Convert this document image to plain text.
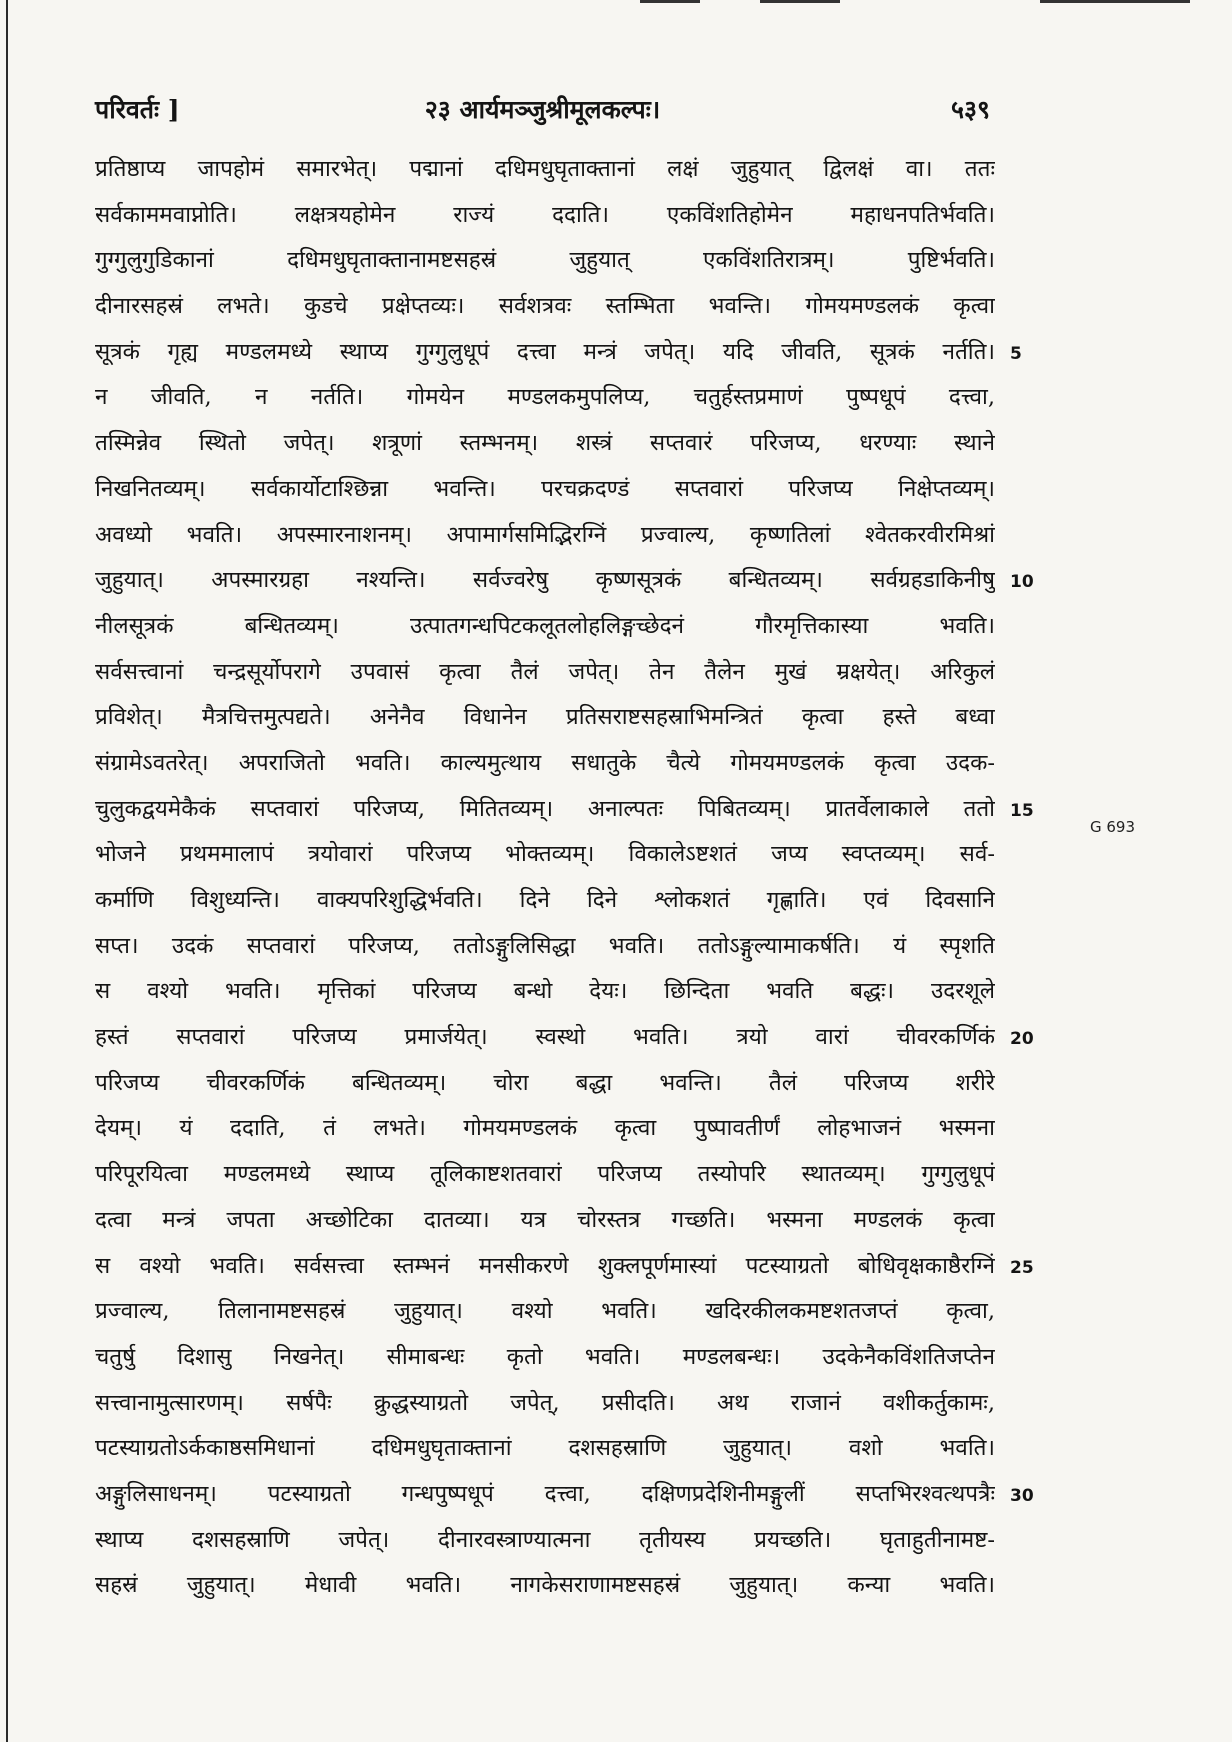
परिवर्तः ]	२३ आर्यमञ्जुश्रीमूलकल्पः।	५३९
प्रतिष्ठाप्य जापहोमं समारभेत्। पद्मानां दधिमधुघृताक्तानां लक्षं जुहुयात् द्विलक्षं वा। ततः
सर्वकाममवाप्नोति। लक्षत्रयहोमेन राज्यं ददाति। एकविंशतिहोमेन महाधनपतिर्भवति।
गुग्गुलुगुडिकानां दधिमधुघृताक्तानामष्टसहस्रं जुहुयात् एकविंशतिरात्रम्। पुष्टिर्भवति।
दीनारसहस्रं लभते। कुडचे प्रक्षेप्तव्यः। सर्वशत्रवः स्तम्भिता भवन्ति। गोमयमण्डलकं कृत्वा
सूत्रकं गृह्य मण्डलमध्ये स्थाप्य गुग्गुलुधूपं दत्त्वा मन्त्रं जपेत्। यदि जीवति, सूत्रकं नर्तति।
न जीवति, न नर्तति। गोमयेन मण्डलकमुपलिप्य, चतुर्हस्तप्रमाणं पुष्पधूपं दत्त्वा,
तस्मिन्नेव स्थितो जपेत्। शत्रूणां स्तम्भनम्। शस्त्रं सप्तवारं परिजप्य, धरण्याः स्थाने
निखनितव्यम्। सर्वकार्योटाश्छिन्ना भवन्ति। परचक्रदण्डं सप्तवारां परिजप्य निक्षेप्तव्यम्।
अवध्यो भवति। अपस्मारनाशनम्। अपामार्गसमिद्भिरग्निं प्रज्वाल्य, कृष्णतिलां श्वेतकरवीरमिश्रां
जुहुयात्। अपस्मारग्रहा नश्यन्ति। सर्वज्वरेषु कृष्णसूत्रकं बन्धितव्यम्। सर्वग्रहडाकिनीषु
नीलसूत्रकं बन्धितव्यम्। उत्पातगन्धपिटकलूतलोहलिङ्गच्छेदनं गौरमृत्तिकास्या भवति।
सर्वसत्त्वानां चन्द्रसूर्योपरागे उपवासं कृत्वा तैलं जपेत्। तेन तैलेन मुखं म्रक्षयेत्। अरिकुलं
प्रविशेत्। मैत्रचित्तमुत्पद्यते। अनेनैव विधानेन प्रतिसराष्टसहस्राभिमन्त्रितं कृत्वा हस्ते बध्वा
संग्रामेऽवतरेत्। अपराजितो भवति। काल्यमुत्थाय सधातुके चैत्ये गोमयमण्डलकं कृत्वा उदक-
चुलुकद्वयमेकैकं सप्तवारां परिजप्य, मितितव्यम्। अनाल्पतः पिबितव्यम्। प्रातर्वेलाकाले ततो
भोजने प्रथममालापं त्रयोवारां परिजप्य भोक्तव्यम्। विकालेऽष्टशतं जप्य स्वप्तव्यम्। सर्व-
कर्माणि विशुध्यन्ति। वाक्यपरिशुद्धिर्भवति। दिने दिने श्लोकशतं गृह्णाति। एवं दिवसानि
सप्त। उदकं सप्तवारां परिजप्य, ततोऽङ्गुलिसिद्धा भवति। ततोऽङ्गुल्यामाकर्षति। यं स्पृशति
स वश्यो भवति। मृत्तिकां परिजप्य बन्धो देयः। छिन्दिता भवति बद्धः। उदरशूले
हस्तं सप्तवारां परिजप्य प्रमार्जयेत्। स्वस्थो भवति। त्रयो वारां चीवरकर्णिकं
परिजप्य चीवरकर्णिकं बन्धितव्यम्। चोरा बद्धा भवन्ति। तैलं परिजप्य शरीरे
देयम्। यं ददाति, तं लभते। गोमयमण्डलकं कृत्वा पुष्पावतीर्णं लोहभाजनं भस्मना
परिपूरयित्वा मण्डलमध्ये स्थाप्य तूलिकाष्टशतवारां परिजप्य तस्योपरि स्थातव्यम्। गुग्गुलुधूपं
दत्वा मन्त्रं जपता अच्छोटिका दातव्या। यत्र चोरस्तत्र गच्छति। भस्मना मण्डलकं कृत्वा
स वश्यो भवति। सर्वसत्त्वा स्तम्भनं मनसीकरणे शुक्लपूर्णमास्यां पटस्याग्रतो बोधिवृक्षकाष्ठैरग्निं
प्रज्वाल्य, तिलानामष्टसहस्रं जुहुयात्। वश्यो भवति। खदिरकीलकमष्टशतजप्तं कृत्वा,
चतुर्षु दिशासु निखनेत्। सीमाबन्धः कृतो भवति। मण्डलबन्धः। उदकेनैकविंशतिजप्तेन
सत्त्वानामुत्सारणम्। सर्षपैः क्रुद्धस्याग्रतो जपेत्, प्रसीदति। अथ राजानं वशीकर्तुकामः,
पटस्याग्रतोऽर्ककाष्ठसमिधानां दधिमधुघृताक्तानां दशसहस्राणि जुहुयात्। वशो भवति।
अङ्गुलिसाधनम्। पटस्याग्रतो गन्धपुष्पधूपं दत्त्वा, दक्षिणप्रदेशिनीमङ्गुलीं सप्तभिरश्वत्थपत्रैः
स्थाप्य दशसहस्राणि जपेत्। दीनारवस्त्राण्यात्मना तृतीयस्य प्रयच्छति। घृताहुतीनामष्ट-
सहस्रं जुहुयात्। मेधावी भवति। नागकेसराणामष्टसहस्रं जुहुयात्। कन्या भवति।
G 693
5
10
15
20
25
30
